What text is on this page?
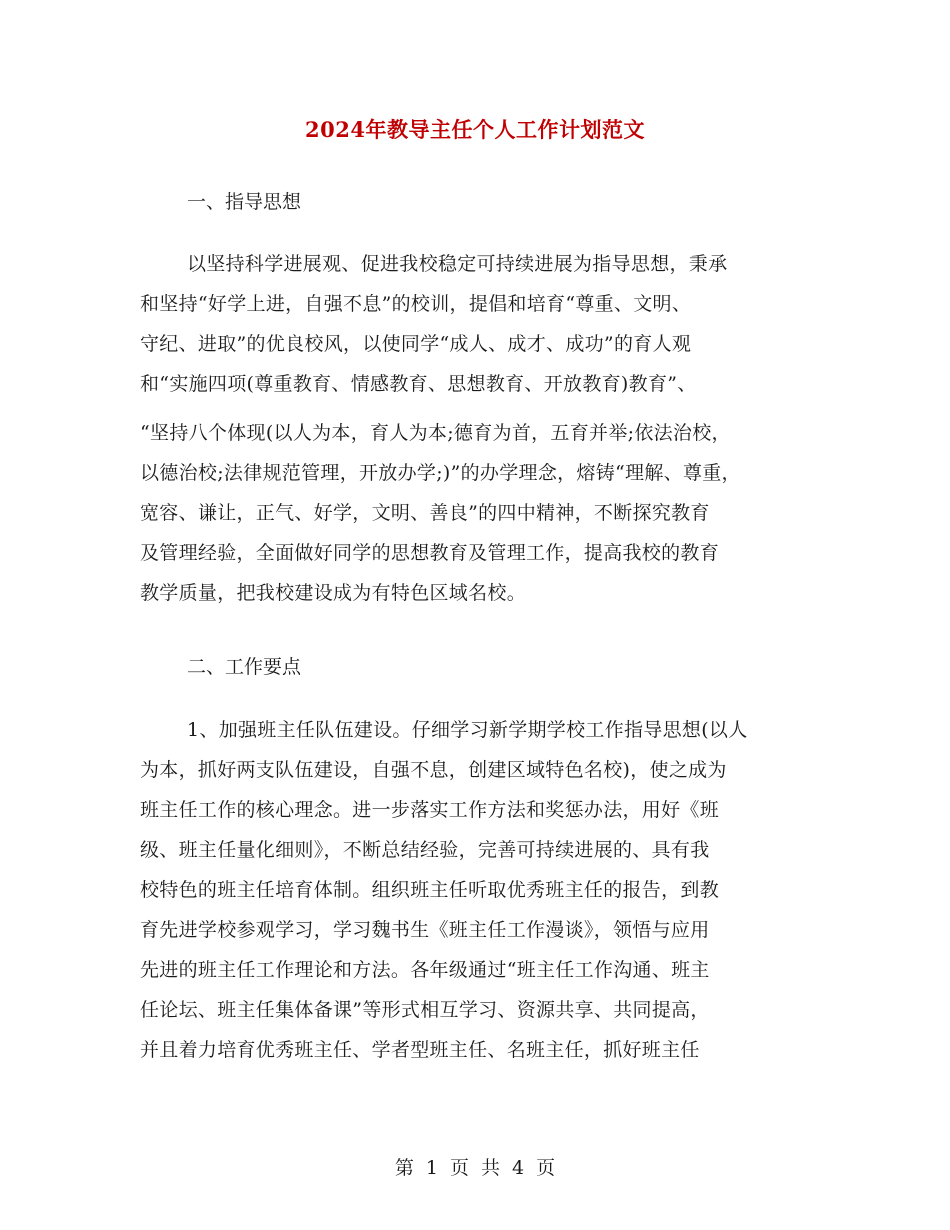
2024年教导主任个人工作计划范文
一、指导思想
以坚持科学进展观、促进我校稳定可持续进展为指导思想，秉承
和坚持“好学上进，自强不息”的校训，提倡和培育“尊重、文明、
守纪、进取”的优良校风，以使同学“成人、成才、成功”的育人观
和“实施四项(尊重教育、情感教育、思想教育、开放教育)教育”、
“坚持八个体现(以人为本，育人为本;德育为首，五育并举;依法治校，
以德治校;法律规范管理，开放办学;)”的办学理念，熔铸“理解、尊重，
宽容、谦让，正气、好学，文明、善良”的四中精神，不断探究教育
及管理经验，全面做好同学的思想教育及管理工作，提高我校的教育
教学质量，把我校建设成为有特色区域名校。
二、工作要点
1、加强班主任队伍建设。仔细学习新学期学校工作指导思想(以人
为本，抓好两支队伍建设，自强不息，创建区域特色名校)，使之成为
班主任工作的核心理念。进一步落实工作方法和奖惩办法，用好《班
级、班主任量化细则》，不断总结经验，完善可持续进展的、具有我
校特色的班主任培育体制。组织班主任听取优秀班主任的报告，到教
育先进学校参观学习，学习魏书生《班主任工作漫谈》，领悟与应用
先进的班主任工作理论和方法。各年级通过“班主任工作沟通、班主
任论坛、班主任集体备课”等形式相互学习、资源共享、共同提高，
并且着力培育优秀班主任、学者型班主任、名班主任，抓好班主任
第 1 页 共 4 页
